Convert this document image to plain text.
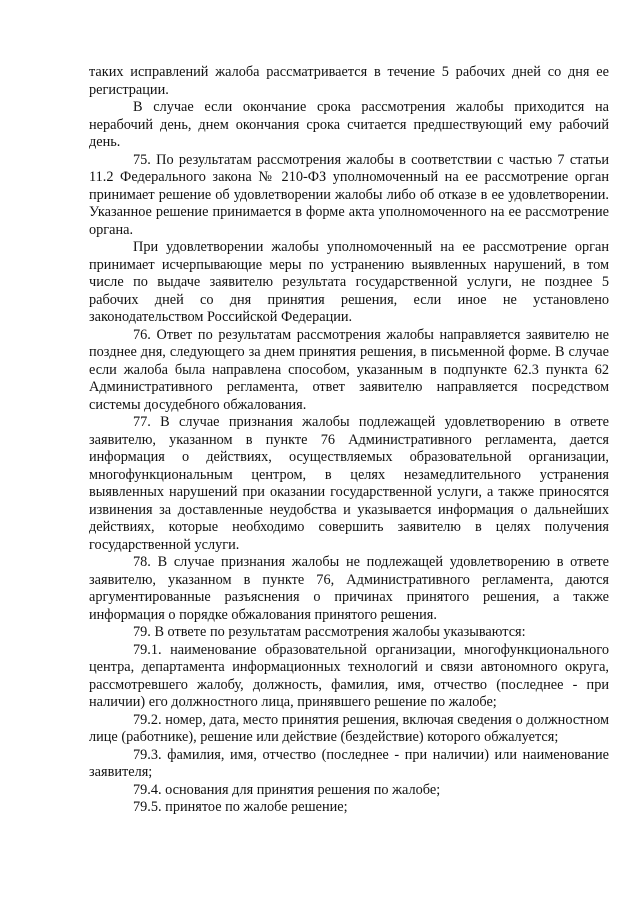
таких исправлений жалоба рассматривается в течение 5 рабочих дней со дня ее регистрации.

В случае если окончание срока рассмотрения жалобы приходится на нерабочий день, днем окончания срока считается предшествующий ему рабочий день.

75. По результатам рассмотрения жалобы в соответствии с частью 7 статьи 11.2 Федерального закона № 210-ФЗ уполномоченный на ее рассмотрение орган принимает решение об удовлетворении жалобы либо об отказе в ее удовлетворении. Указанное решение принимается в форме акта уполномоченного на ее рассмотрение органа.

При удовлетворении жалобы уполномоченный на ее рассмотрение орган принимает исчерпывающие меры по устранению выявленных нарушений, в том числе по выдаче заявителю результата государственной услуги, не позднее 5 рабочих дней со дня принятия решения, если иное не установлено законодательством Российской Федерации.

76. Ответ по результатам рассмотрения жалобы направляется заявителю не позднее дня, следующего за днем принятия решения, в письменной форме. В случае если жалоба была направлена способом, указанным в подпункте 62.3 пункта 62 Административного регламента, ответ заявителю направляется посредством системы досудебного обжалования.

77. В случае признания жалобы подлежащей удовлетворению в ответе заявителю, указанном в пункте 76 Административного регламента, дается информация о действиях, осуществляемых образовательной организации, многофункциональным центром, в целях незамедлительного устранения выявленных нарушений при оказании государственной услуги, а также приносятся извинения за доставленные неудобства и указывается информация о дальнейших действиях, которые необходимо совершить заявителю в целях получения государственной услуги.

78. В случае признания жалобы не подлежащей удовлетворению в ответе заявителю, указанном в пункте 76, Административного регламента, даются аргументированные разъяснения о причинах принятого решения, а также информация о порядке обжалования принятого решения.

79. В ответе по результатам рассмотрения жалобы указываются:

79.1. наименование образовательной организации, многофункционального центра, департамента информационных технологий и связи автономного округа, рассмотревшего жалобу, должность, фамилия, имя, отчество (последнее - при наличии) его должностного лица, принявшего решение по жалобе;

79.2. номер, дата, место принятия решения, включая сведения о должностном лице (работнике), решение или действие (бездействие) которого обжалуется;

79.3. фамилия, имя, отчество (последнее - при наличии) или наименование заявителя;

79.4. основания для принятия решения по жалобе;

79.5. принятое по жалобе решение;
